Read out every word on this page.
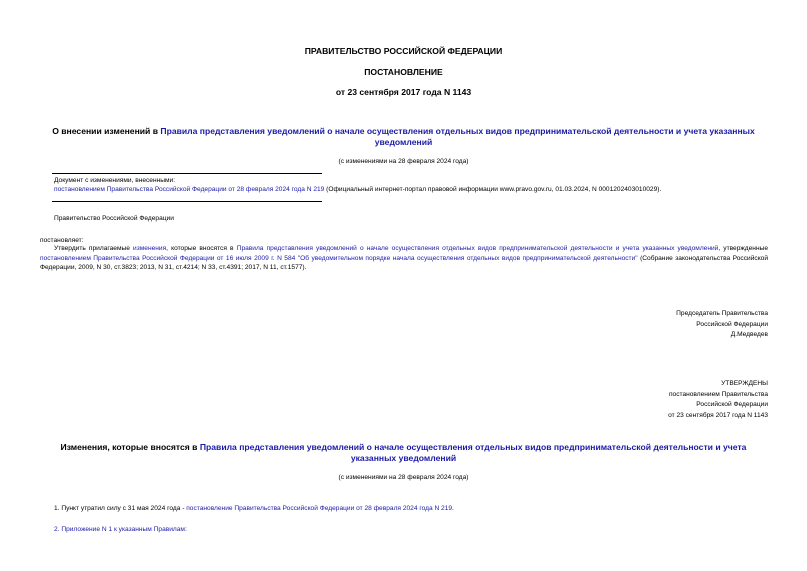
ПРАВИТЕЛЬСТВО РОССИЙСКОЙ ФЕДЕРАЦИИ
ПОСТАНОВЛЕНИЕ
от 23 сентября 2017 года N 1143
О внесении изменений в Правила представления уведомлений о начале осуществления отдельных видов предпринимательской деятельности и учета указанных уведомлений
(с изменениями на 28 февраля 2024 года)
Документ с изменениями, внесенными:
постановлением Правительства Российской Федерации от 28 февраля 2024 года N 219 (Официальный интернет-портал правовой информации www.pravo.gov.ru, 01.03.2024, N 0001202403010029).
Правительство Российской Федерации
постановляет:
Утвердить прилагаемые изменения, которые вносятся в Правила представления уведомлений о начале осуществления отдельных видов предпринимательской деятельности и учета указанных уведомлений, утвержденные постановлением Правительства Российской Федерации от 16 июля 2009 г. N 584 "Об уведомительном порядке начала осуществления отдельных видов предпринимательской деятельности" (Собрание законодательства Российской Федерации, 2009, N 30, ст.3823; 2013, N 31, ст.4214; N 33, ст.4391; 2017, N 11, ст.1577).
Председатель Правительства
Российской Федерации
Д.Медведев
УТВЕРЖДЕНЫ
постановлением Правительства
Российской Федерации
от 23 сентября 2017 года N 1143
Изменения, которые вносятся в Правила представления уведомлений о начале осуществления отдельных видов предпринимательской деятельности и учета указанных уведомлений
(с изменениями на 28 февраля 2024 года)
1. Пункт утратил силу с 31 мая 2024 года - постановление Правительства Российской Федерации от 28 февраля 2024 года N 219.
2. Приложение N 1 к указанным Правилам:
